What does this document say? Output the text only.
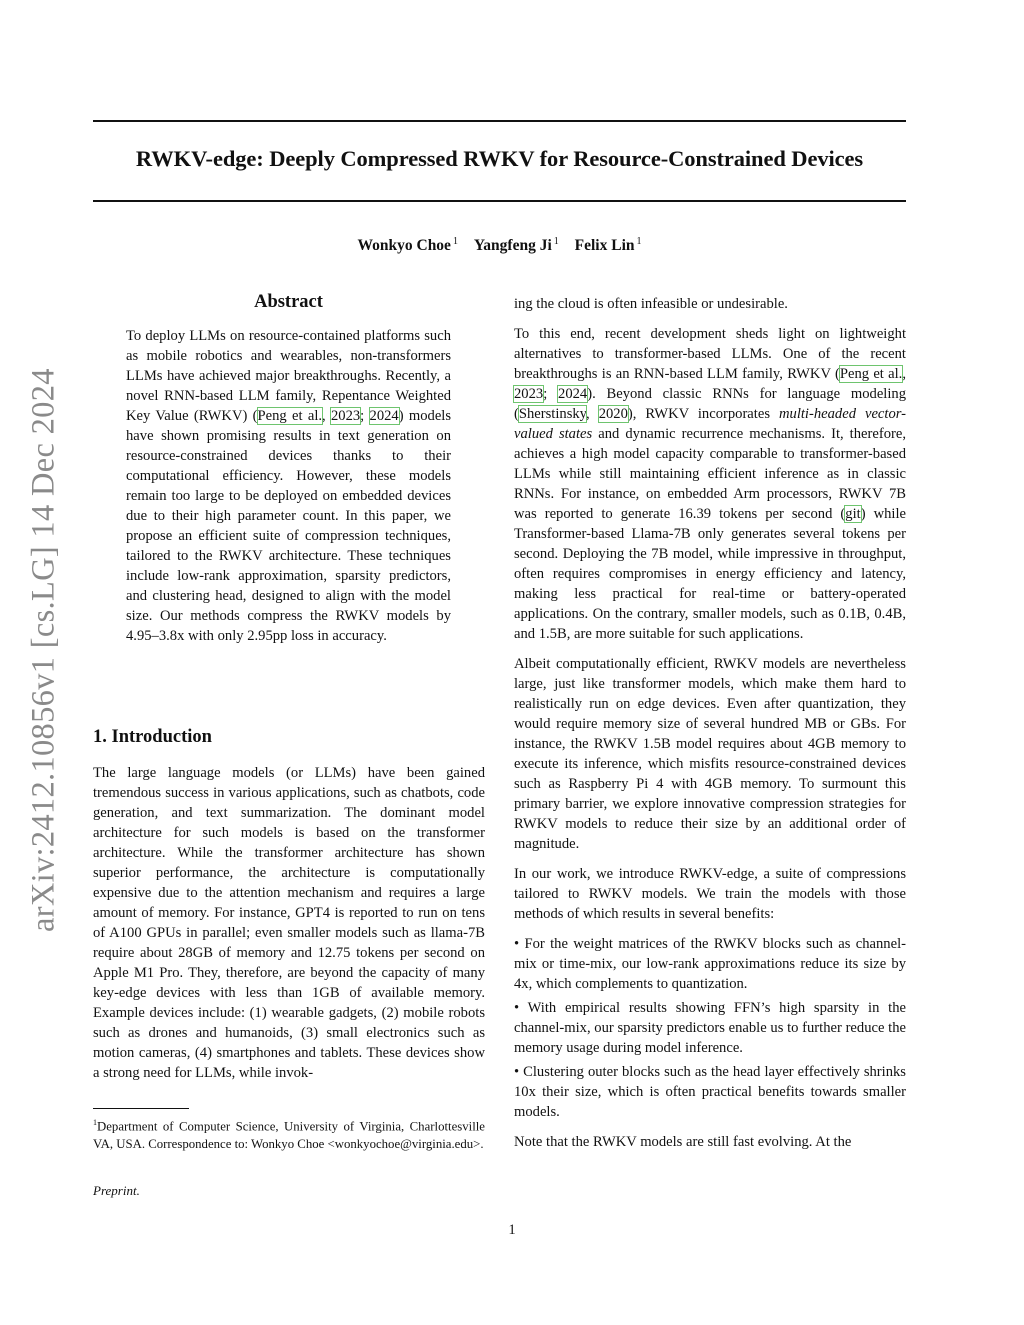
arXiv:2412.10856v1 [cs.LG] 14 Dec 2024
RWKV-edge: Deeply Compressed RWKV for Resource-Constrained Devices
Wonkyo Choe $^1$ Yangfeng Ji $^1$ Felix Lin $^1$
Abstract
To deploy LLMs on resource-contained platforms such as mobile robotics and wearables, non-transformers LLMs have achieved major breakthroughs. Recently, a novel RNN-based LLM family, Repentance Weighted Key Value (RWKV) (Peng et al., 2023; 2024) models have shown promising results in text generation on resource-constrained devices thanks to their computational efficiency. However, these models remain too large to be deployed on embedded devices due to their high parameter count. In this paper, we propose an efficient suite of compression techniques, tailored to the RWKV architecture. These techniques include low-rank approximation, sparsity predictors, and clustering head, designed to align with the model size. Our methods compress the RWKV models by 4.95–3.8x with only 2.95pp loss in accuracy.
1. Introduction
The large language models (or LLMs) have been gained tremendous success in various applications, such as chatbots, code generation, and text summarization. The dominant model architecture for such models is based on the transformer architecture. While the transformer architecture has shown superior performance, the architecture is computationally expensive due to the attention mechanism and requires a large amount of memory. For instance, GPT4 is reported to run on tens of A100 GPUs in parallel; even smaller models such as llama-7B require about 28GB of memory and 12.75 tokens per second on Apple M1 Pro. They, therefore, are beyond the capacity of many key-edge devices with less than 1GB of available memory. Example devices include: (1) wearable gadgets, (2) mobile robots such as drones and humanoids, (3) small electronics such as motion cameras, (4) smartphones and tablets. These devices show a strong need for LLMs, while invok-
$^1$Department of Computer Science, University of Virginia, Charlottesville VA, USA. Correspondence to: Wonkyo Choe <wonkyochoe@virginia.edu>.
Preprint.

ing the cloud is often infeasible or undesirable.

To this end, recent development sheds light on lightweight alternatives to transformer-based LLMs. One of the recent breakthroughs is an RNN-based LLM family, RWKV (Peng et al., 2023; 2024). Beyond classic RNNs for language modeling (Sherstinsky, 2020), RWKV incorporates multi-headed vector-valued states and dynamic recurrence mechanisms. It, therefore, achieves a high model capacity comparable to transformer-based LLMs while still maintaining efficient inference as in classic RNNs. For instance, on embedded Arm processors, RWKV 7B was reported to generate 16.39 tokens per second (git) while Transformer-based Llama-7B only generates several tokens per second. Deploying the 7B model, while impressive in throughput, often requires compromises in energy efficiency and latency, making less practical for real-time or battery-operated applications. On the contrary, smaller models, such as 0.1B, 0.4B, and 1.5B, are more suitable for such applications.

Albeit computationally efficient, RWKV models are nevertheless large, just like transformer models, which make them hard to realistically run on edge devices. Even after quantization, they would require memory size of several hundred MB or GBs. For instance, the RWKV 1.5B model requires about 4GB memory to execute its inference, which misfits resource-constrained devices such as Raspberry Pi 4 with 4GB memory. To surmount this primary barrier, we explore innovative compression strategies for RWKV models to reduce their size by an additional order of magnitude.

In our work, we introduce RWKV-edge, a suite of compressions tailored to RWKV models. We train the models with those methods of which results in several benefits:

• For the weight matrices of the RWKV blocks such as channel-mix or time-mix, our low-rank approximations reduce its size by 4x, which complements to quantization.

• With empirical results showing FFN’s high sparsity in the channel-mix, our sparsity predictors enable us to further reduce the memory usage during model inference.

• Clustering outer blocks such as the head layer effectively shrinks 10x their size, which is often practical benefits towards smaller models.

Note that the RWKV models are still fast evolving. At the

1
